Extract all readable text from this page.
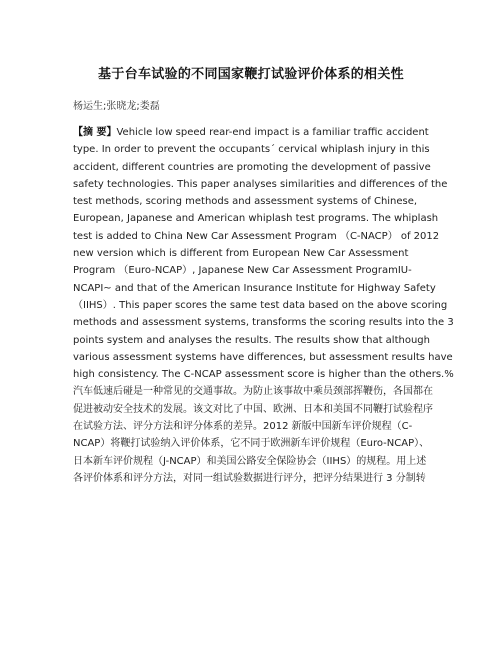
基于台车试验的不同国家鞭打试验评价体系的相关性

杨运生;张晓龙;娄磊

【摘 要】Vehicle low speed rear-end impact is a familiar traffic accident
type. In order to prevent the occupantsˊ cervical whiplash injury in this
accident, different countries are promoting the development of passive
safety technologies. This paper analyses similarities and differences of the
test methods, scoring methods and assessment systems of Chinese,
European, Japanese and American whiplash test programs. The whiplash
test is added to China New Car Assessment Program （C-NACP） of 2012
new version which is different from European New Car Assessment
Program （Euro-NCAP）, Japanese New Car Assessment ProgramIU-
NCAPI~ and that of the American Insurance Institute for Highway Safety
（IIHS）. This paper scores the same test data based on the above scoring
methods and assessment systems, transforms the scoring results into the 3
points system and analyses the results. The results show that although
various assessment systems have differences, but assessment results have
high consistency. The C-NCAP assessment score is higher than the others.%
汽车低速后碰是一种常见的交通事故。为防止该事故中乘员颈部挥鞭伤，各国都在
促进被动安全技术的发展。该文对比了中国、欧洲、日本和美国不同鞭打试验程序
在试验方法、评分方法和评分体系的差异。2012 新版中国新车评价规程（C-
NCAP）将鞭打试验纳入评价体系，它不同于欧洲新车评价规程（Euro-NCAP）、
日本新车评价规程（J-NCAP）和美国公路安全保险协会（IIHS）的规程。用上述
各评价体系和评分方法，对同一组试验数据进行评分，把评分结果进行 3 分制转
